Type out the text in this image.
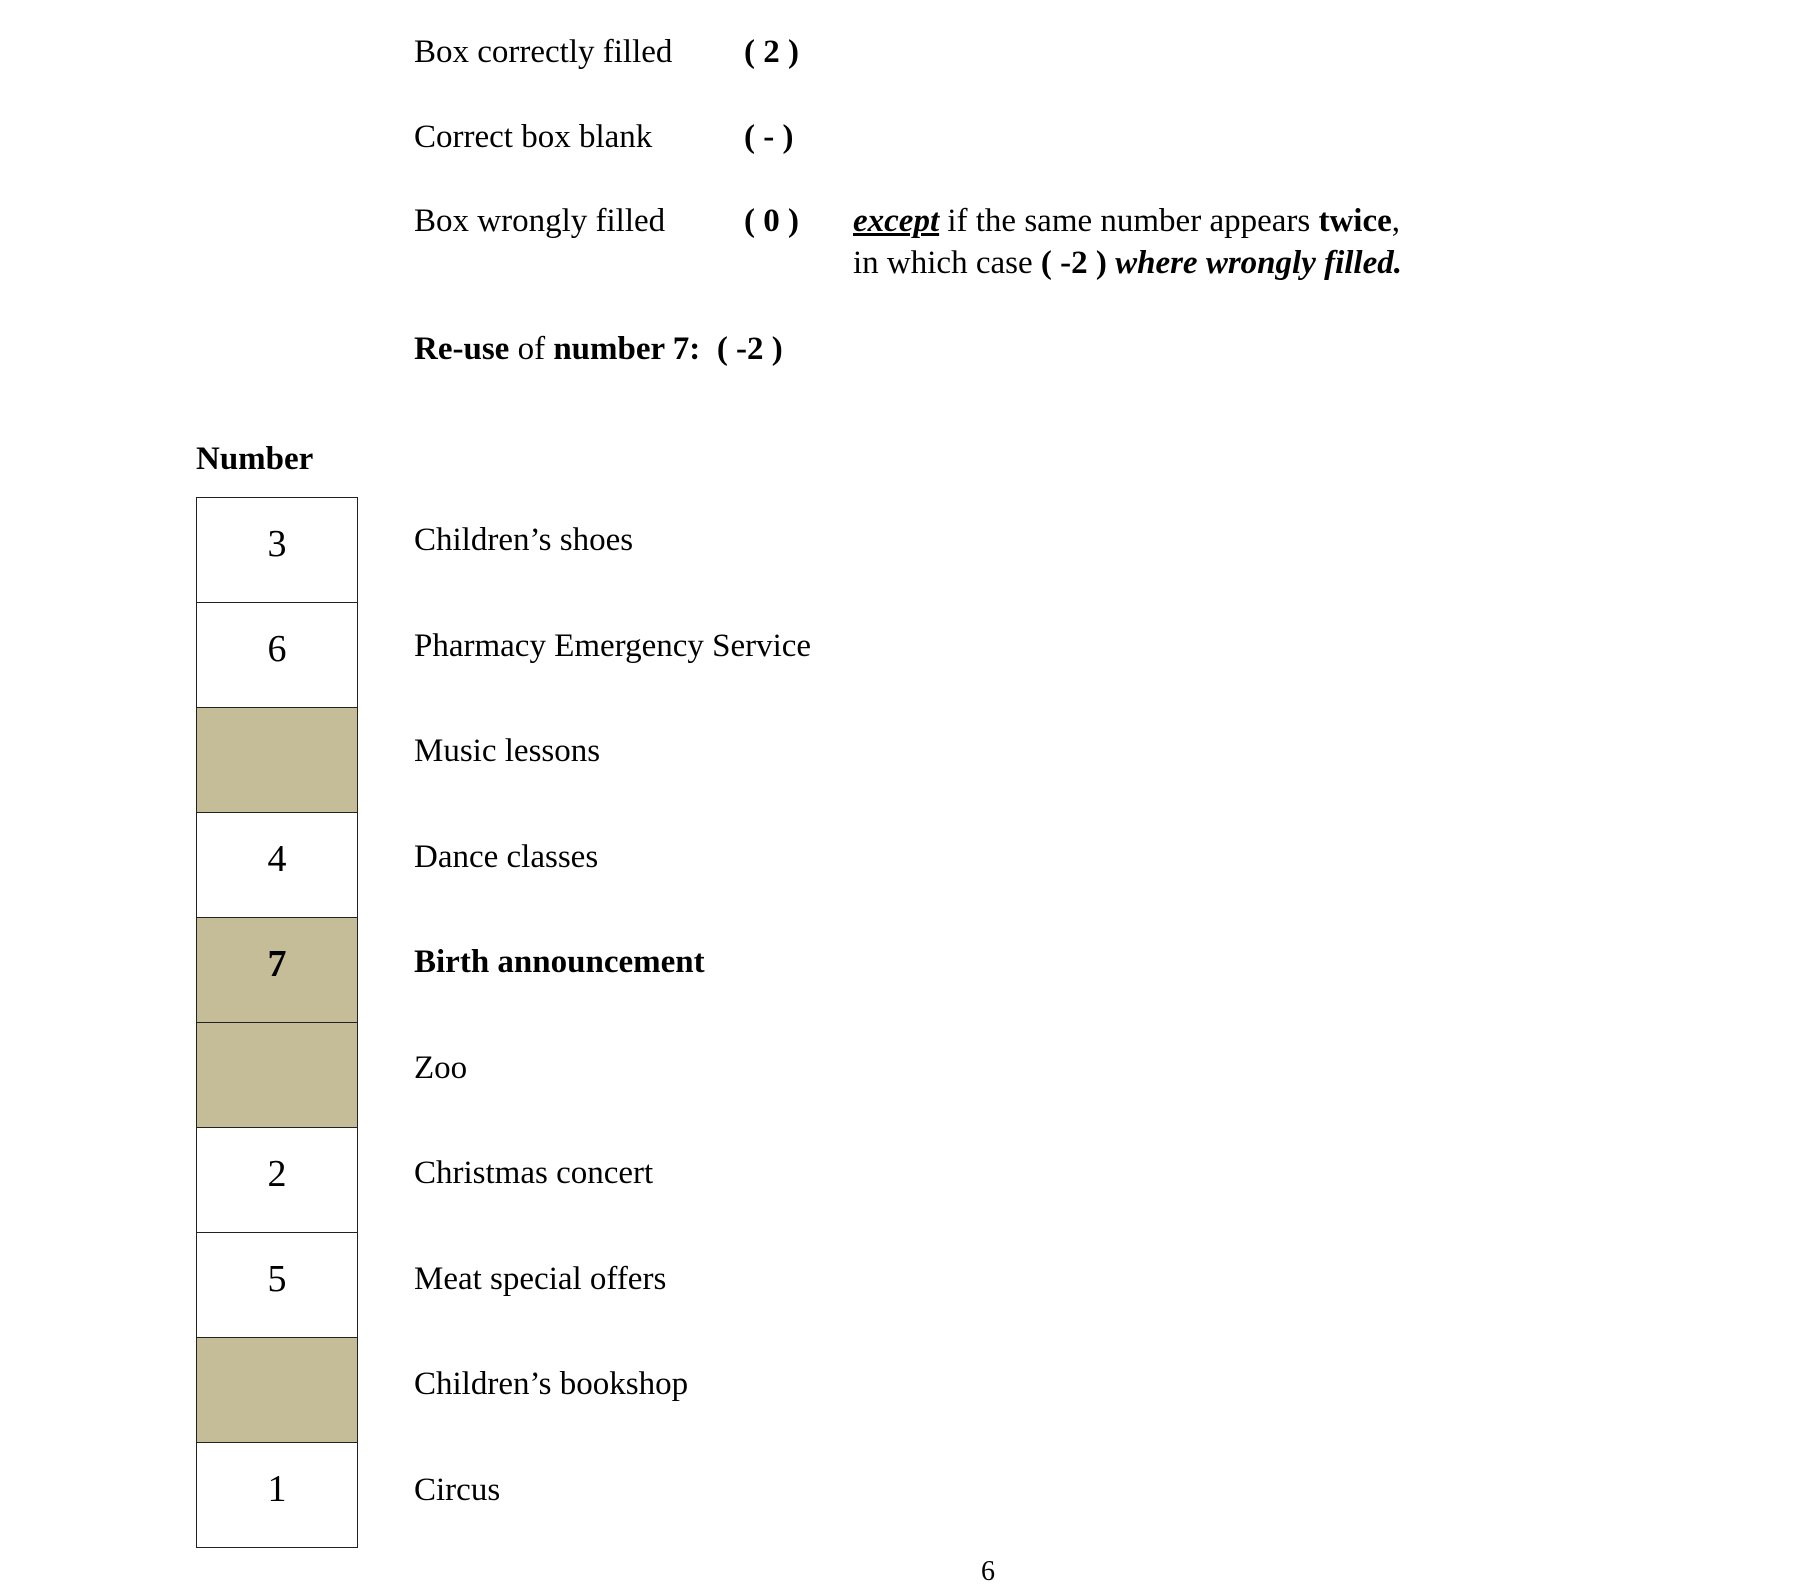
Box correctly filled ( 2 )
Correct box blank	( - )
Box wrongly filled ( 0 ) except if the same number appears twice,
in which case ( -2 ) where wrongly filled.
Re-use of number 7: ( -2 )
Number
3
6
4
7
2
5
1
Children’s shoes
Pharmacy Emergency Service
Music lessons
Dance classes
Birth announcement
Zoo
Christmas concert
Meat special offers
Children’s bookshop
Circus
6
